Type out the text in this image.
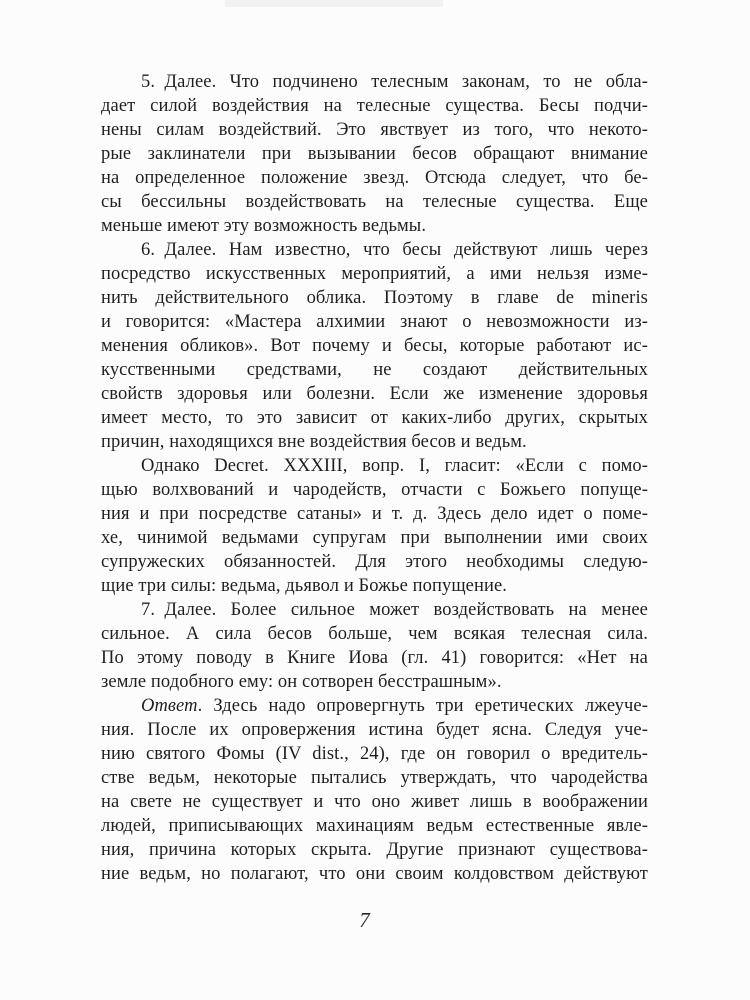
5. Далее. Что подчинено телесным законам, то не обла-
дает силой воздействия на телесные существа. Бесы подчи-
нены силам воздействий. Это явствует из того, что некото-
рые заклинатели при вызывании бесов обращают внимание
на определенное положение звезд. Отсюда следует, что бе-
сы бессильны воздействовать на телесные существа. Еще
меньше имеют эту возможность ведьмы.
6. Далее. Нам известно, что бесы действуют лишь через
посредство искусственных мероприятий, а ими нельзя изме-
нить действительного облика. Поэтому в главе de mineris
и говорится: «Мастера алхимии знают о невозможности из-
менения обликов». Вот почему и бесы, которые работают ис-
кусственными средствами, не создают действительных
свойств здоровья или болезни. Если же изменение здоровья
имеет место, то это зависит от каких-либо других, скрытых
причин, находящихся вне воздействия бесов и ведьм.
Однако Decret. XXXIII, вопр. I, гласит: «Если с помо-
щью волхвований и чародейств, отчасти с Божьего попуще-
ния и при посредстве сатаны» и т. д. Здесь дело идет о поме-
хе, чинимой ведьмами супругам при выполнении ими своих
супружеских обязанностей. Для этого необходимы следую-
щие три силы: ведьма, дьявол и Божье попущение.
7. Далее. Более сильное может воздействовать на менее
сильное. А сила бесов больше, чем всякая телесная сила.
По этому поводу в Книге Иова (гл. 41) говорится: «Нет на
земле подобного ему: он сотворен бесстрашным».
Ответ. Здесь надо опровергнуть три еретических лжеуче-
ния. После их опровержения истина будет ясна. Следуя уче-
нию святого Фомы (IV dist., 24), где он говорил о вредитель-
стве ведьм, некоторые пытались утверждать, что чародейства
на свете не существует и что оно живет лишь в воображении
людей, приписывающих махинациям ведьм естественные явле-
ния, причина которых скрыта. Другие признают существова-
ние ведьм, но полагают, что они своим колдовством действуют
7
